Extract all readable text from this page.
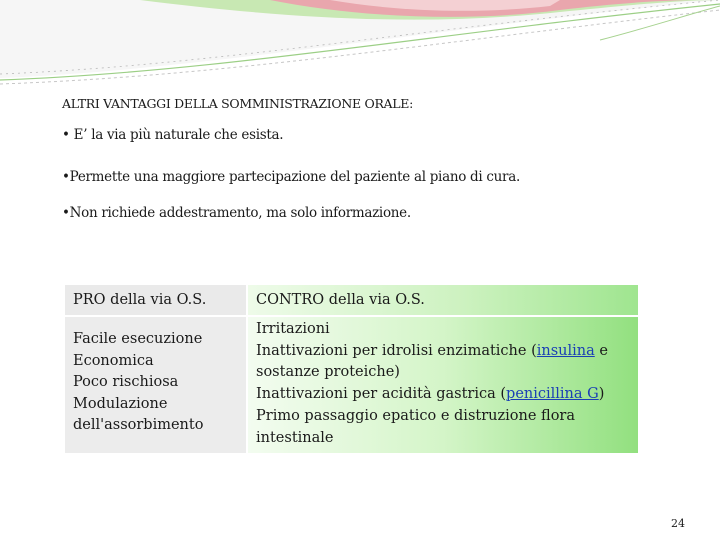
ALTRI VANTAGGI DELLA SOMMINISTRAZIONE ORALE:
• E’ la via più naturale che esista.
•Permette una maggiore partecipazione del paziente al piano di cura.
•Non richiede addestramento, ma solo informazione.
PRO della via O.S.	CONTRO della via O.S.
Facile esecuzione
Economica
Poco rischiosa
Modulazione
dell'assorbimento
Irritazioni
Inattivazioni per idrolisi enzimatiche (insulina e
sostanze proteiche)
Inattivazioni per acidità gastrica (penicillina G)
Primo passaggio epatico e distruzione flora
intestinale
24
